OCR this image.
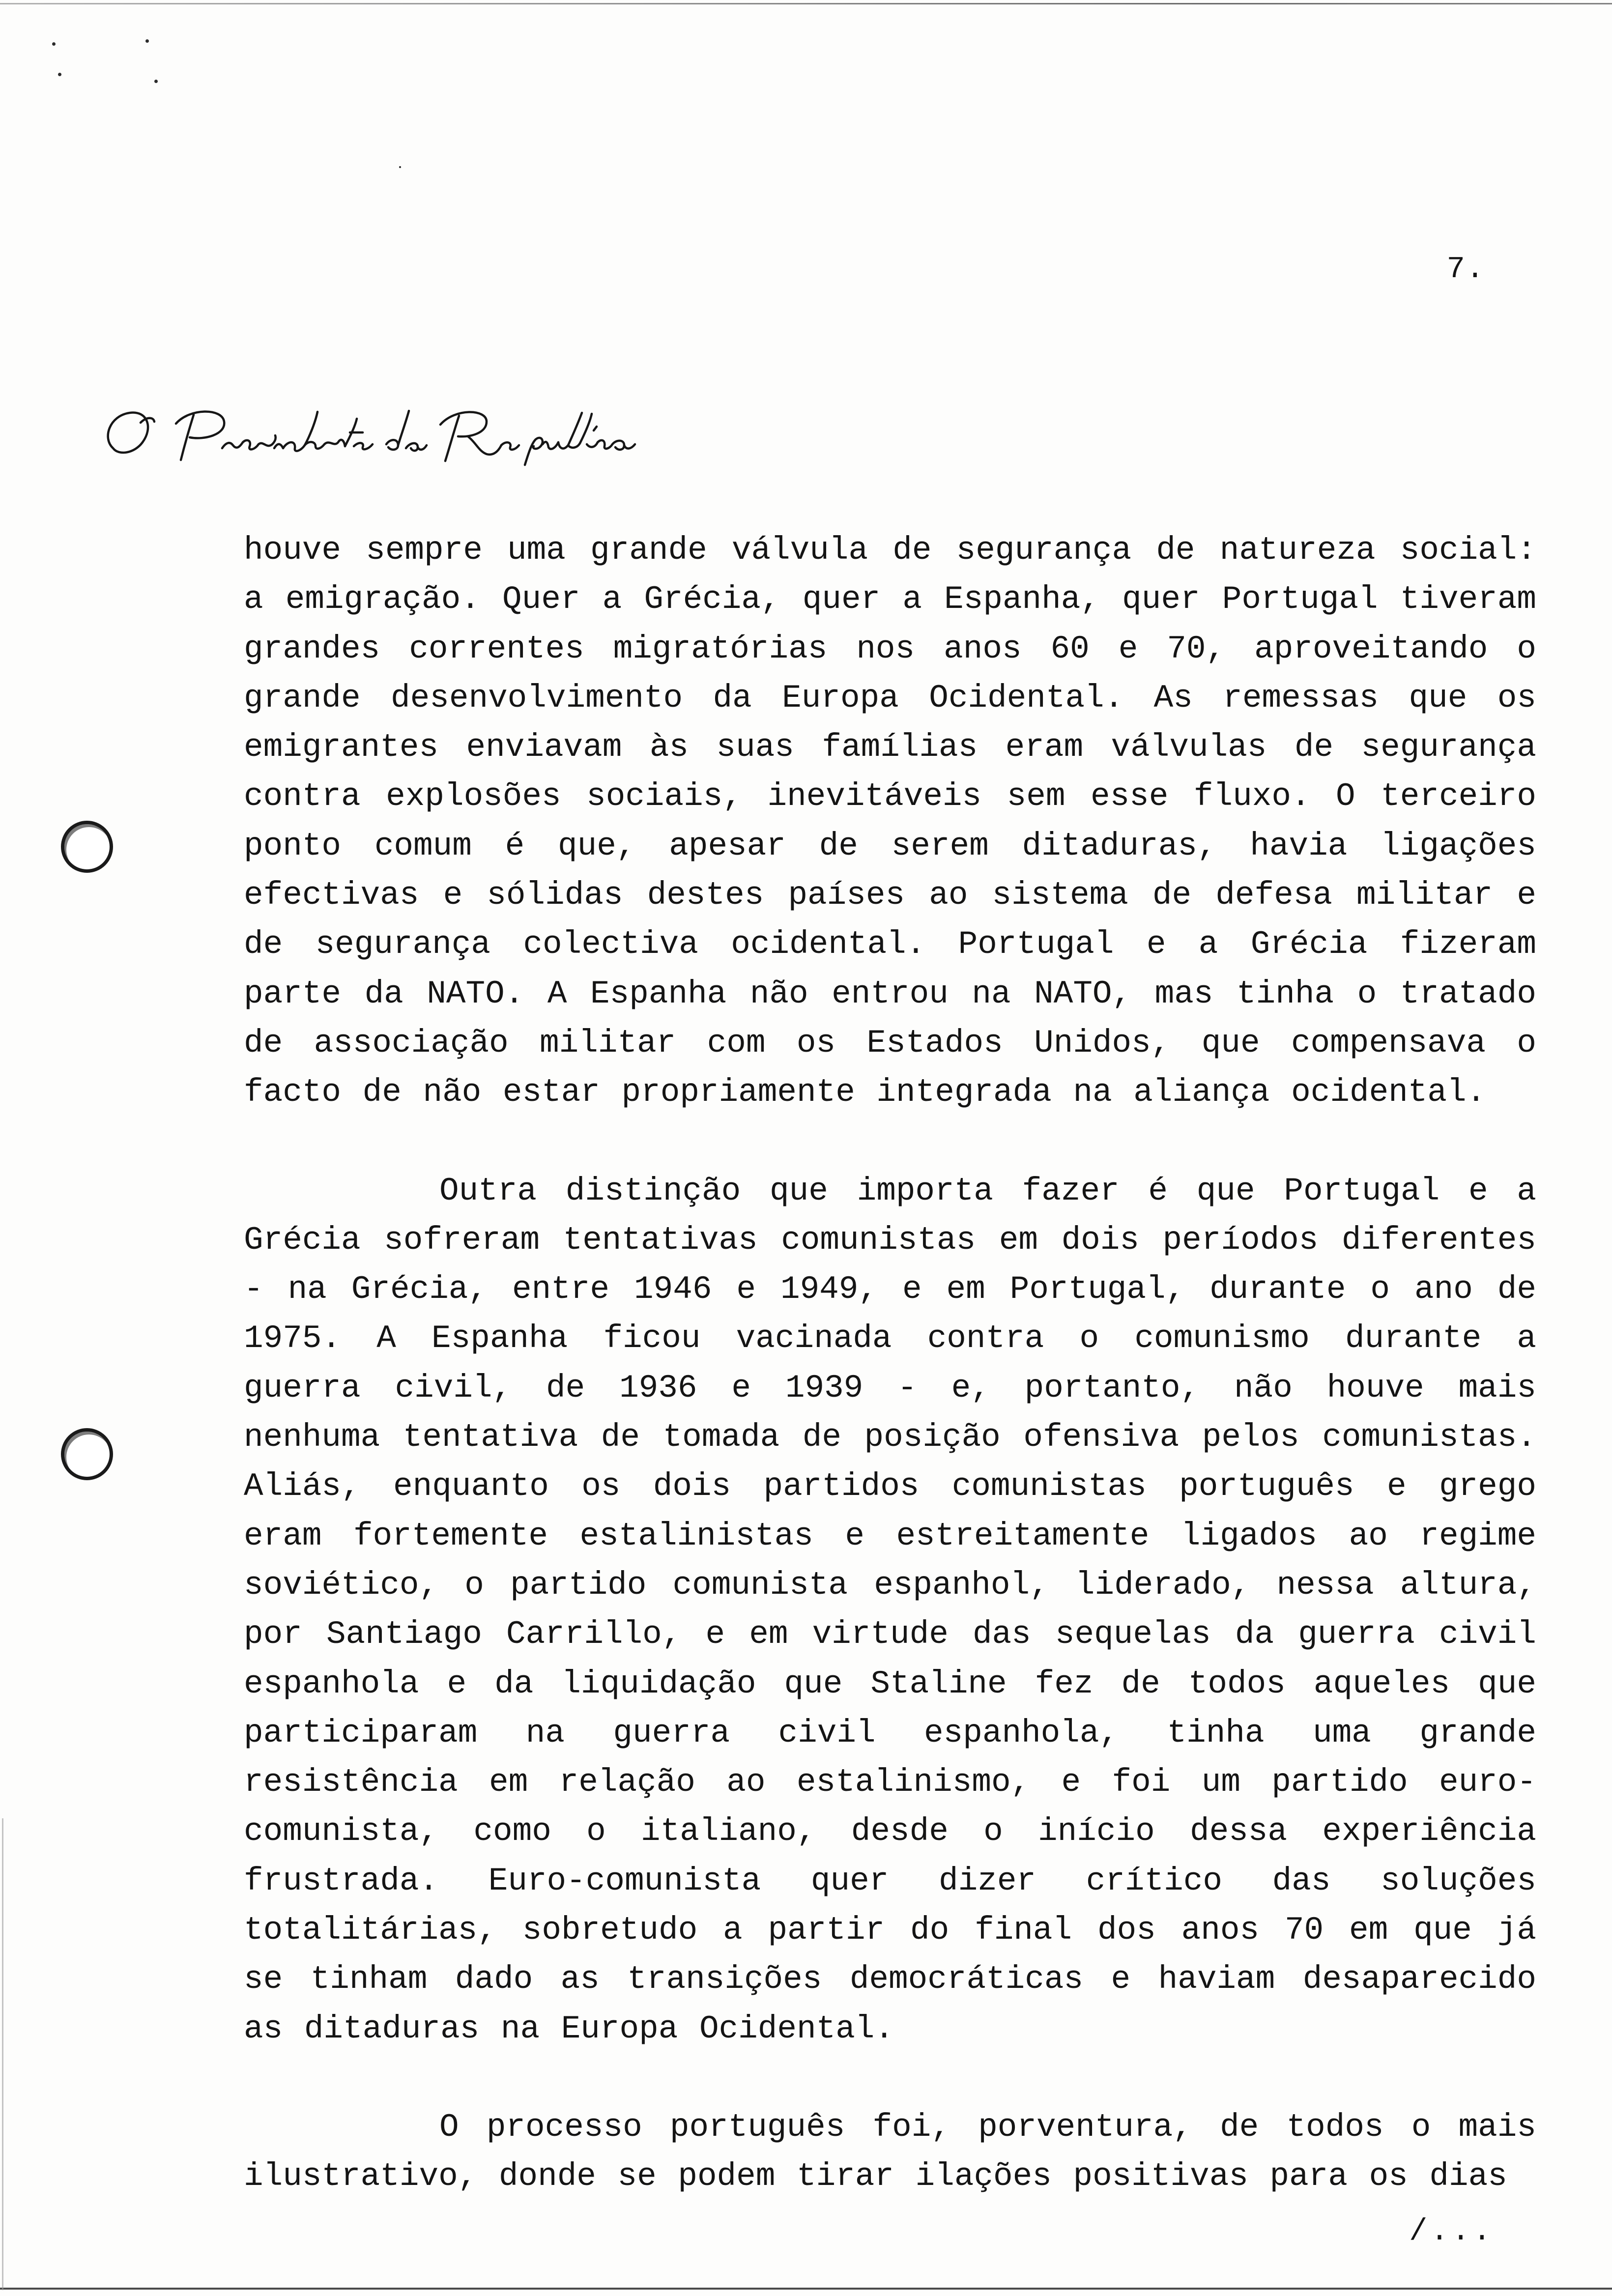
7.

houve sempre uma grande válvula de segurança de natureza social: a emigração. Quer a Grécia, quer a Espanha, quer Portugal tiveram grandes correntes migratórias nos anos 60 e 70, aproveitando o grande desenvolvimento da Europa Ocidental. As remessas que os emigrantes enviavam às suas famílias eram válvulas de segurança contra explosões sociais, inevitáveis sem esse fluxo. O terceiro ponto comum é que, apesar de serem ditaduras, havia ligações efectivas e sólidas destes países ao sistema de defesa militar e de segurança colectiva ocidental. Portugal e a Grécia fizeram parte da NATO. A Espanha não entrou na NATO, mas tinha o tratado de associação militar com os Estados Unidos, que compensava o facto de não estar propriamente integrada na aliança ocidental.

Outra distinção que importa fazer é que Portugal e a Grécia sofreram tentativas comunistas em dois períodos diferentes - na Grécia, entre 1946 e 1949, e em Portugal, durante o ano de 1975. A Espanha ficou vacinada contra o comunismo durante a guerra civil, de 1936 e 1939 - e, portanto, não houve mais nenhuma tentativa de tomada de posição ofensiva pelos comunistas. Aliás, enquanto os dois partidos comunistas português e grego eram fortemente estalinistas e estreitamente ligados ao regime soviético, o partido comunista espanhol, liderado, nessa altura, por Santiago Carrillo, e em virtude das sequelas da guerra civil espanhola e da liquidação que Staline fez de todos aqueles que participaram na guerra civil espanhola, tinha uma grande resistência em relação ao estalinismo, e foi um partido euro-comunista, como o italiano, desde o início dessa experiência frustrada. Euro-comunista quer dizer crítico das soluções totalitárias, sobretudo a partir do final dos anos 70 em que já se tinham dado as transições democráticas e haviam desaparecido as ditaduras na Europa Ocidental.

O processo português foi, porventura, de todos o mais ilustrativo, donde se podem tirar ilações positivas para os dias

/...
